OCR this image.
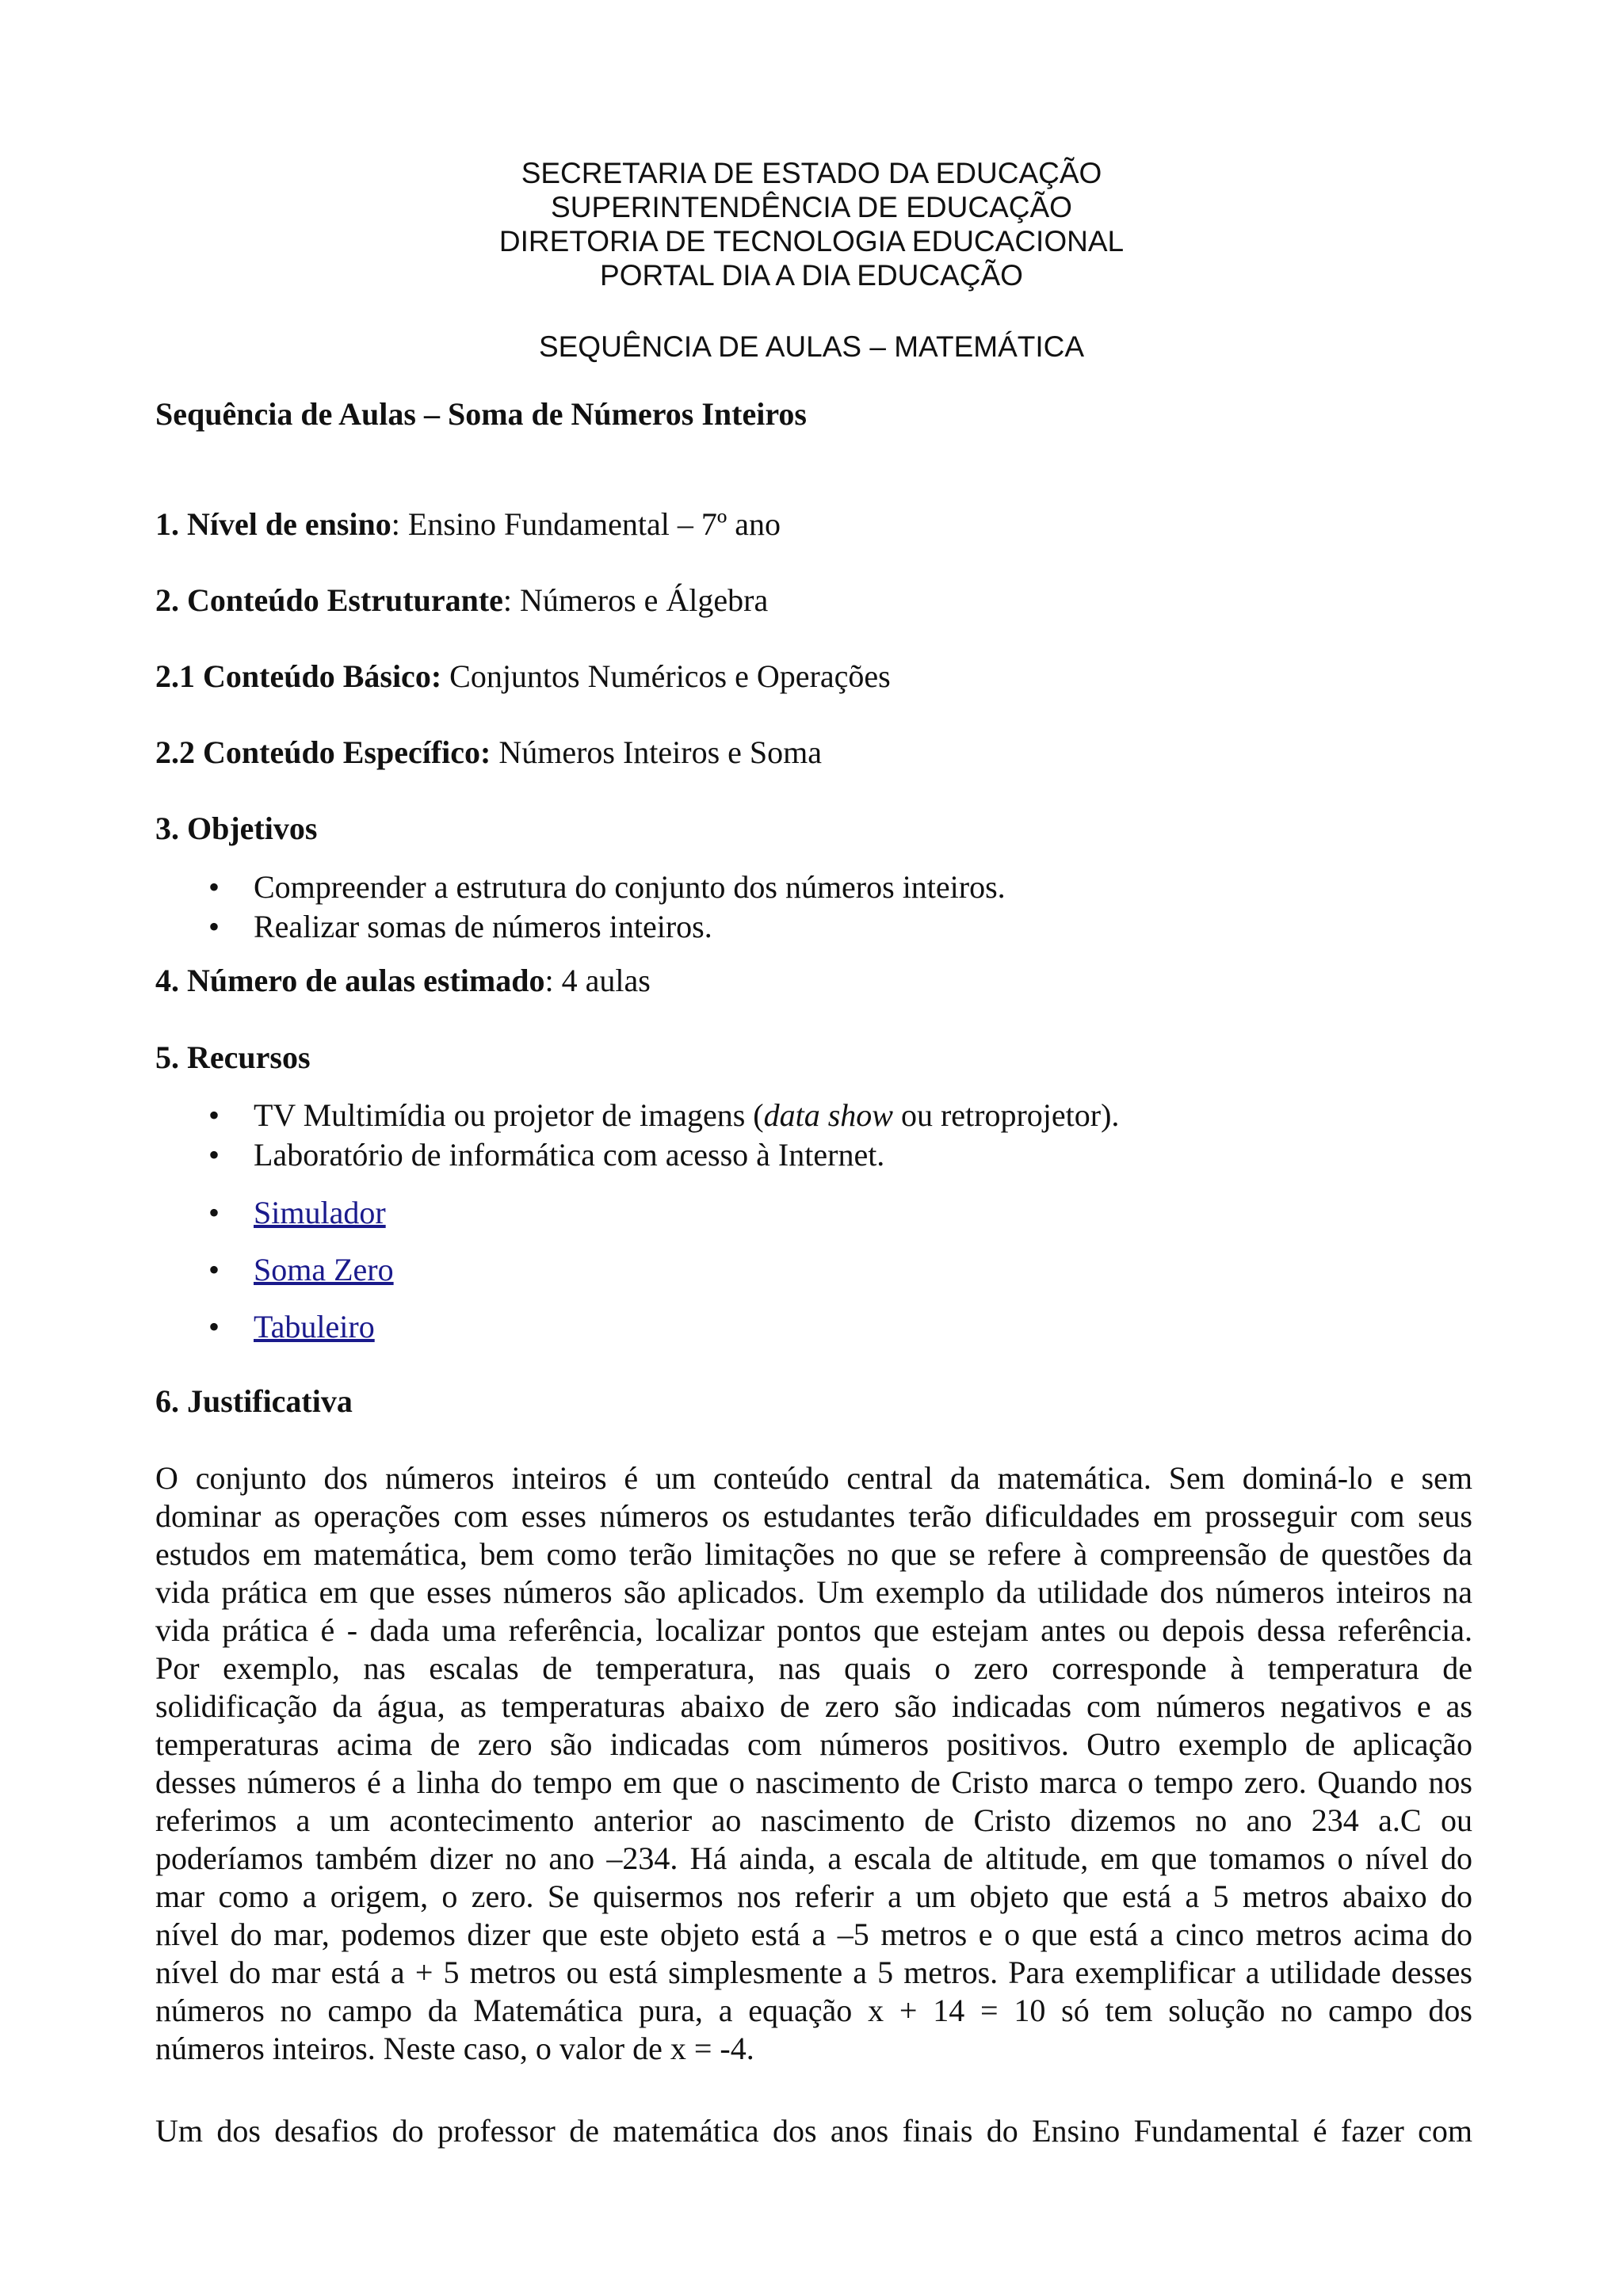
SECRETARIA DE ESTADO DA EDUCAÇÃO
SUPERINTENDÊNCIA DE EDUCAÇÃO
DIRETORIA DE TECNOLOGIA EDUCACIONAL
PORTAL DIA A DIA EDUCAÇÃO
SEQUÊNCIA DE AULAS – MATEMÁTICA
Sequência de Aulas – Soma de Números Inteiros
1. Nível de ensino: Ensino Fundamental – 7º ano
2. Conteúdo Estruturante: Números e Álgebra
2.1 Conteúdo Básico: Conjuntos Numéricos e Operações
2.2 Conteúdo Específico: Números Inteiros e Soma
3. Objetivos
• Compreender a estrutura do conjunto dos números inteiros.
• Realizar somas de números inteiros.
4. Número de aulas estimado: 4 aulas
5. Recursos
• TV Multimídia ou projetor de imagens (data show ou retroprojetor).
• Laboratório de informática com acesso à Internet.
• Simulador
• Soma Zero
• Tabuleiro
6. Justificativa
O conjunto dos números inteiros é um conteúdo central da matemática. Sem dominá-lo e sem
dominar as operações com esses números os estudantes terão dificuldades em prosseguir com seus
estudos em matemática, bem como terão limitações no que se refere à compreensão de questões da
vida prática em que esses números são aplicados. Um exemplo da utilidade dos números inteiros na
vida prática é - dada uma referência, localizar pontos que estejam antes ou depois dessa referência.
Por exemplo, nas escalas de temperatura, nas quais o zero corresponde à temperatura de
solidificação da água, as temperaturas abaixo de zero são indicadas com números negativos e as
temperaturas acima de zero são indicadas com números positivos. Outro exemplo de aplicação
desses números é a linha do tempo em que o nascimento de Cristo marca o tempo zero. Quando nos
referimos a um acontecimento anterior ao nascimento de Cristo dizemos no ano 234 a.C ou
poderíamos também dizer no ano –234. Há ainda, a escala de altitude, em que tomamos o nível do
mar como a origem, o zero. Se quisermos nos referir a um objeto que está a 5 metros abaixo do
nível do mar, podemos dizer que este objeto está a –5 metros e o que está a cinco metros acima do
nível do mar está a + 5 metros ou está simplesmente a 5 metros. Para exemplificar a utilidade desses
números no campo da Matemática pura, a equação x + 14 = 10 só tem solução no campo dos
números inteiros. Neste caso, o valor de x = -4.
Um dos desafios do professor de matemática dos anos finais do Ensino Fundamental é fazer com
